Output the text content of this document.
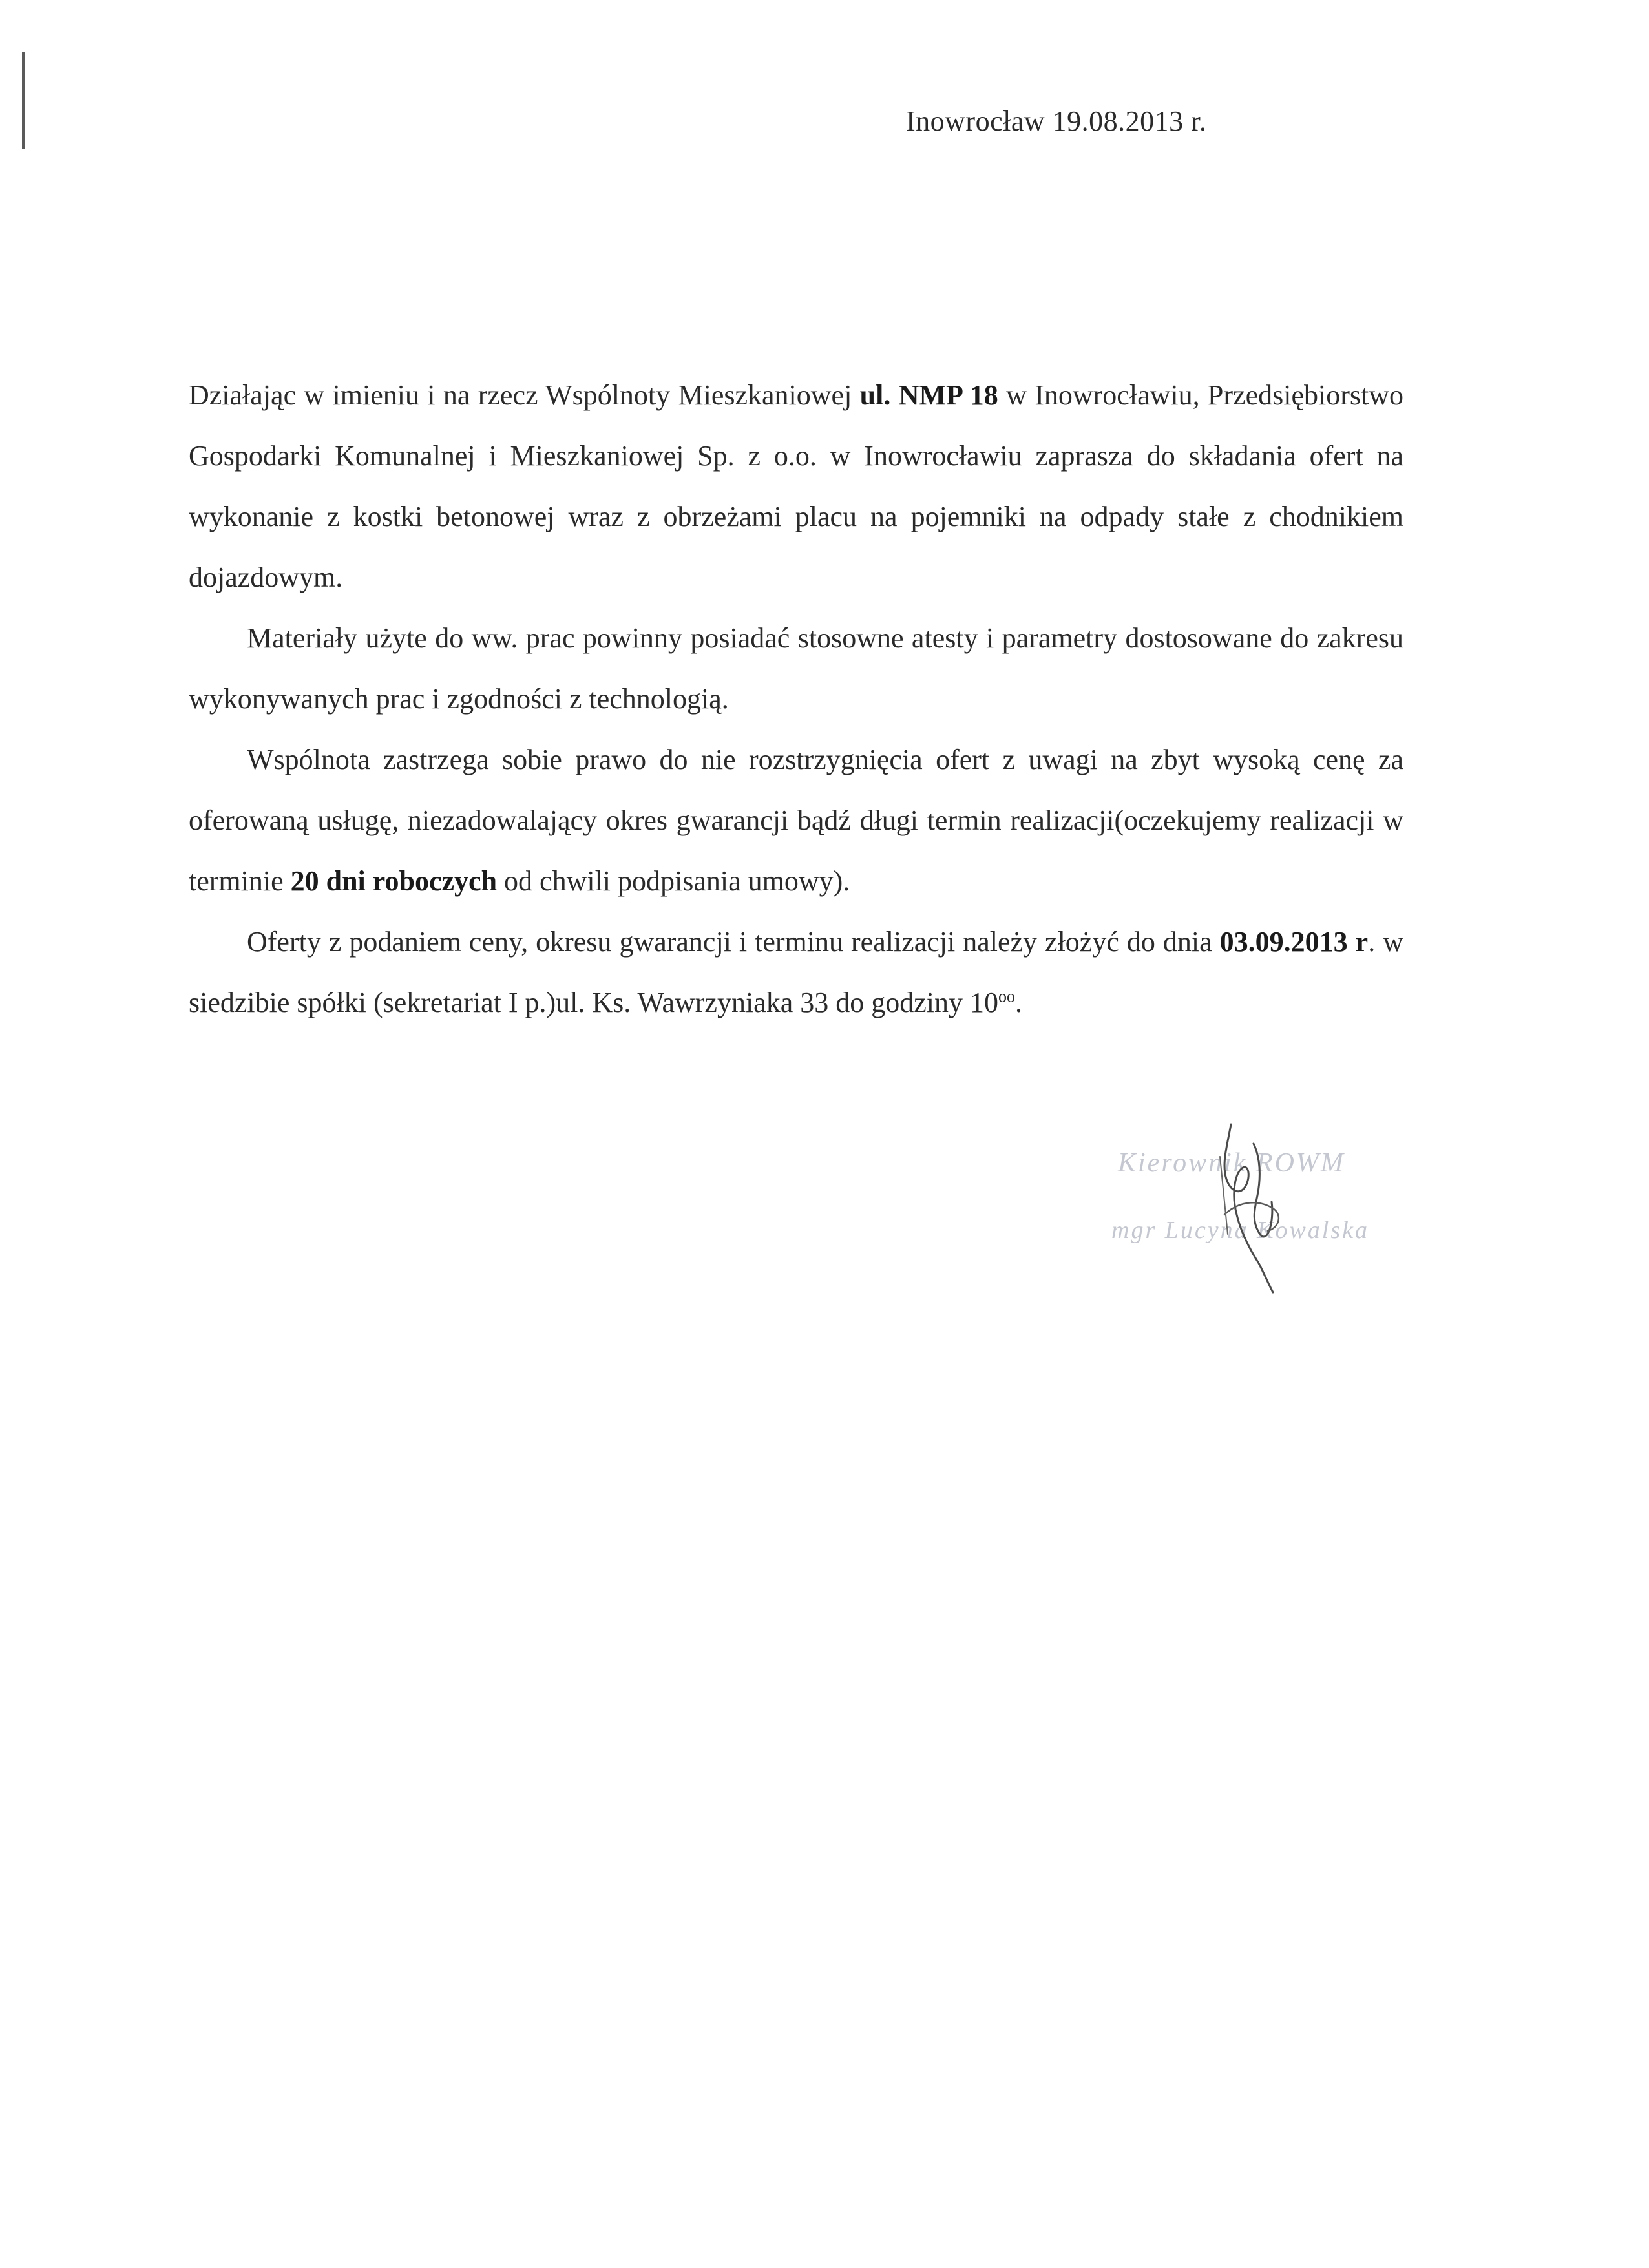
Inowrocław 19.08.2013 r.

Działając w imieniu i na rzecz Wspólnoty Mieszkaniowej ul. NMP 18 w Inowrocławiu, Przedsiębiorstwo Gospodarki Komunalnej i Mieszkaniowej Sp. z o.o. w Inowrocławiu zaprasza do składania ofert na wykonanie z kostki betonowej wraz z obrzeżami placu na pojemniki na odpady stałe z chodnikiem dojazdowym.

Materiały użyte do ww. prac powinny posiadać stosowne atesty i parametry dostosowane do zakresu wykonywanych prac i zgodności z technologią.

Wspólnota zastrzega sobie prawo do nie rozstrzygnięcia ofert z uwagi na zbyt wysoką cenę za oferowaną usługę, niezadowalający okres gwarancji bądź długi termin realizacji(oczekujemy realizacji w terminie 20 dni roboczych od chwili podpisania umowy).

Oferty z podaniem ceny, okresu gwarancji i terminu realizacji należy złożyć do dnia 03.09.2013 r. w siedzibie spółki (sekretariat I p.)ul. Ks. Wawrzyniaka 33 do godziny $10^{oo}$.

Kierownik ROWM
mgr Lucyna Kowalska
